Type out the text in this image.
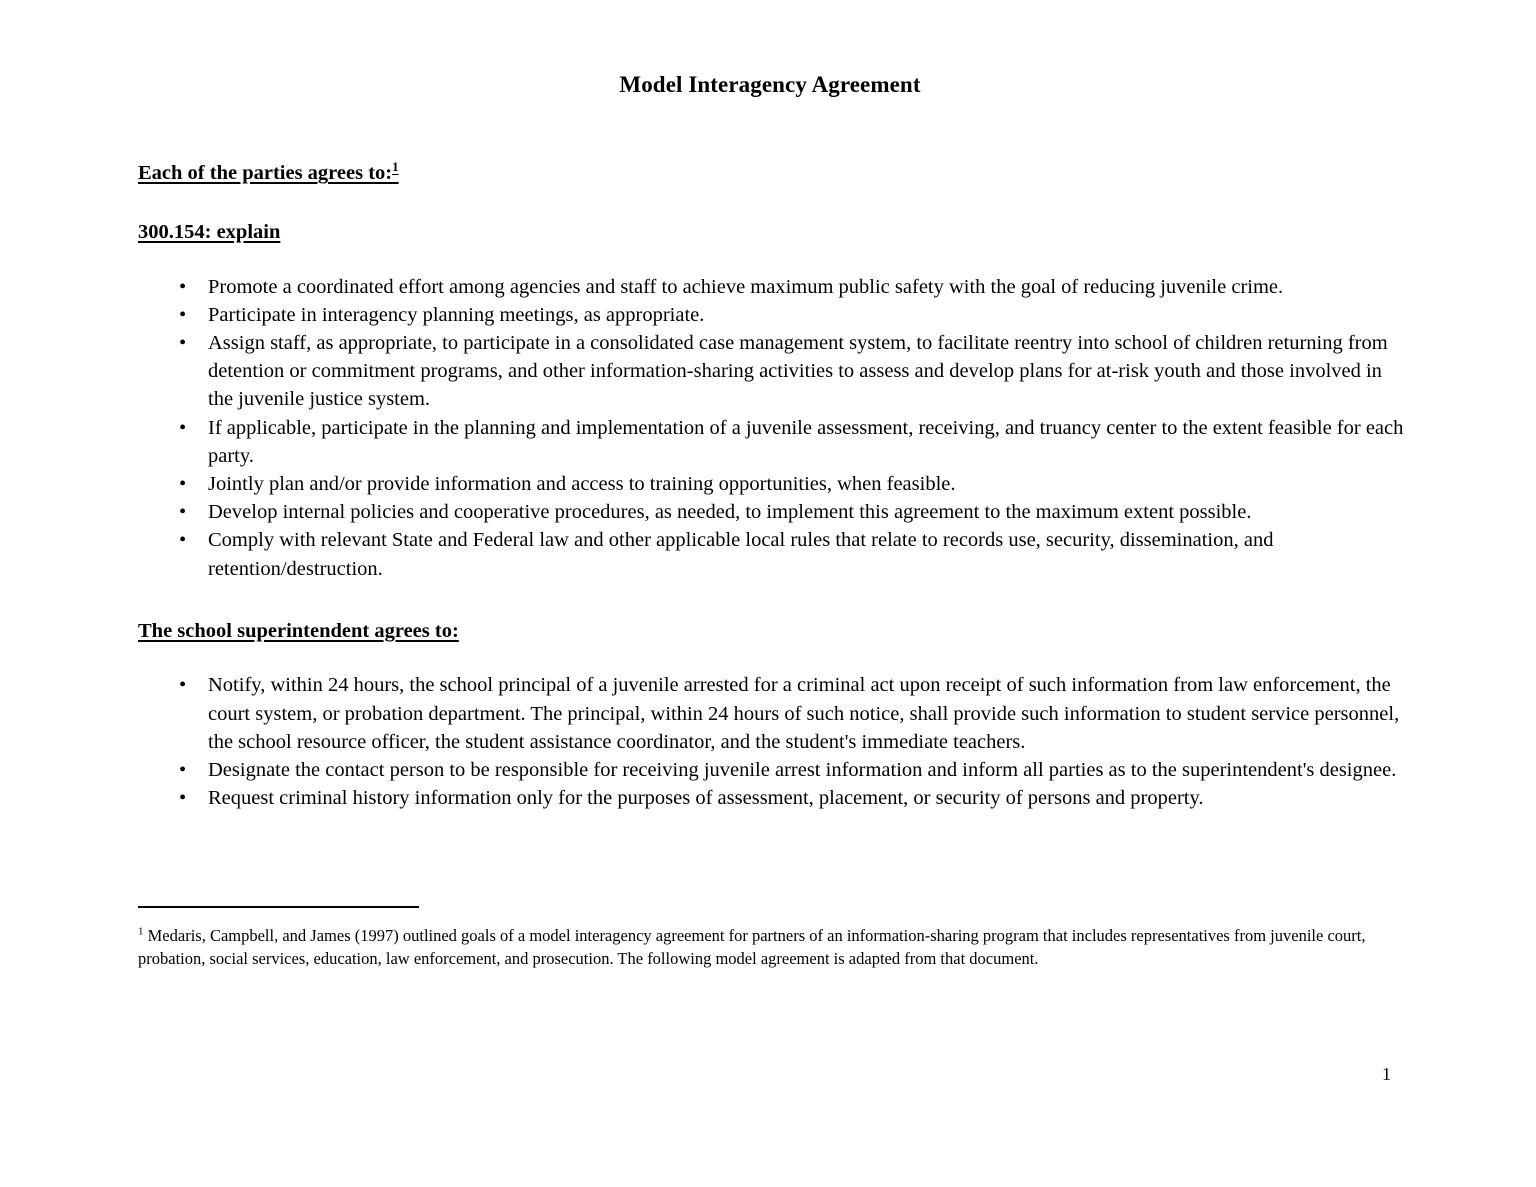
Model Interagency Agreement
Each of the parties agrees to:$^1$
300.154: explain
• Promote a coordinated effort among agencies and staff to achieve maximum public safety with the goal of reducing juvenile crime.
• Participate in interagency planning meetings, as appropriate.
• Assign staff, as appropriate, to participate in a consolidated case management system, to facilitate reentry into school of children returning from detention or commitment programs, and other information-sharing activities to assess and develop plans for at-risk youth and those involved in the juvenile justice system.
• If applicable, participate in the planning and implementation of a juvenile assessment, receiving, and truancy center to the extent feasible for each party.
• Jointly plan and/or provide information and access to training opportunities, when feasible.
• Develop internal policies and cooperative procedures, as needed, to implement this agreement to the maximum extent possible.
• Comply with relevant State and Federal law and other applicable local rules that relate to records use, security, dissemination, and retention/destruction.
The school superintendent agrees to:
• Notify, within 24 hours, the school principal of a juvenile arrested for a criminal act upon receipt of such information from law enforcement, the court system, or probation department. The principal, within 24 hours of such notice, shall provide such information to student service personnel, the school resource officer, the student assistance coordinator, and the student's immediate teachers.
• Designate the contact person to be responsible for receiving juvenile arrest information and inform all parties as to the superintendent's designee.
• Request criminal history information only for the purposes of assessment, placement, or security of persons and property.

$^1$ Medaris, Campbell, and James (1997) outlined goals of a model interagency agreement for partners of an information-sharing program that includes representatives from juvenile court, probation, social services, education, law enforcement, and prosecution. The following model agreement is adapted from that document.

1
